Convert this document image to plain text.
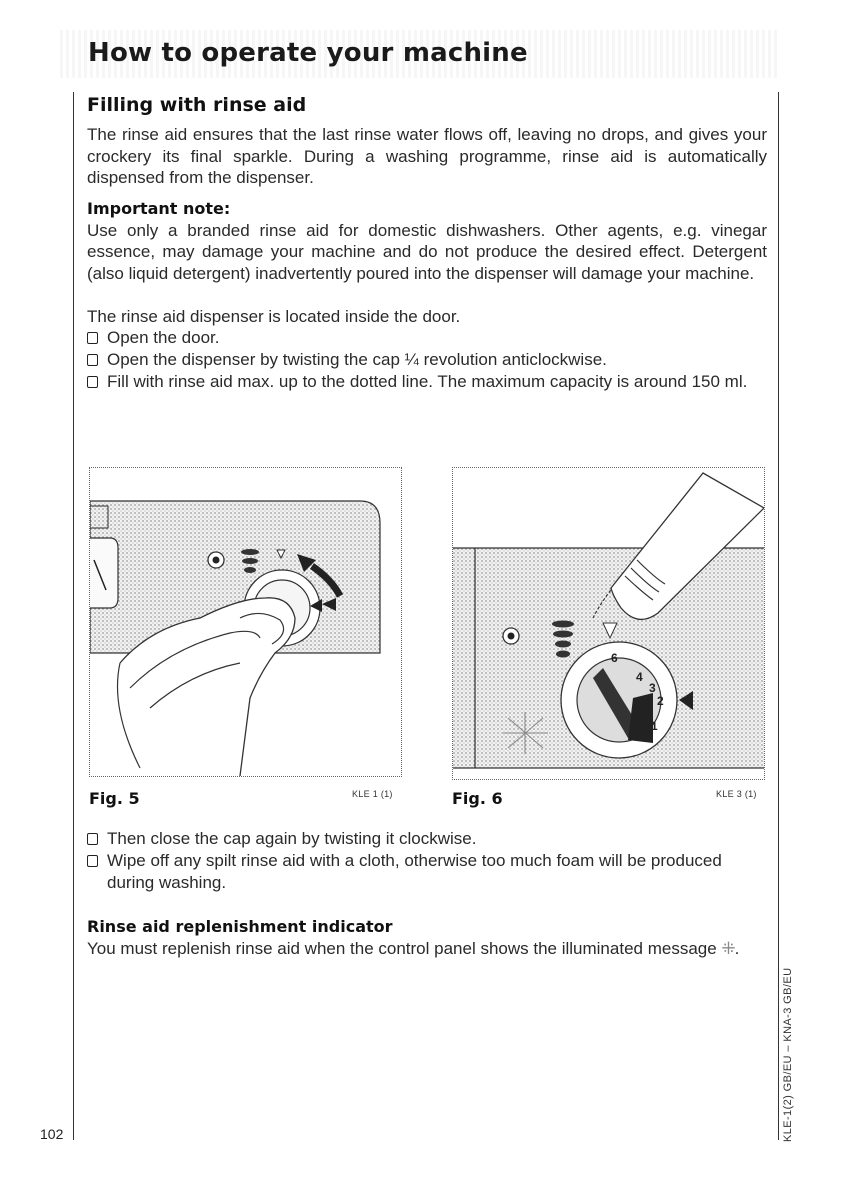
How to operate your machine
Filling with rinse aid

The rinse aid ensures that the last rinse water flows off, leaving no drops, and gives your crockery its final sparkle. During a washing programme, rinse aid is automatically dispensed from the dispenser.

Important note:

Use only a branded rinse aid for domestic dishwashers. Other agents, e.g. vinegar essence, may damage your machine and do not produce the desired effect. Detergent (also liquid detergent) inadvertently poured into the dispenser will damage your machine.

The rinse aid dispenser is located inside the door.

Open the door.
Open the dispenser by twisting the cap ¼ revolution anticlockwise.
Fill with rinse aid max. up to the dotted line. The maximum capacity is around 150 ml.
Fig. 5	KLE 1 (1)
6
4
3
2
1
Fig. 6	KLE 3 (1)
Then close the cap again by twisting it clockwise.
Wipe off any spilt rinse aid with a cloth, otherwise too much foam will be produced during washing.

Rinse aid replenishment indicator

You must replenish rinse aid when the control panel shows the illuminated message ⁜.

102	KLE-1(2) GB/EU – KNA-3 GB/EU
